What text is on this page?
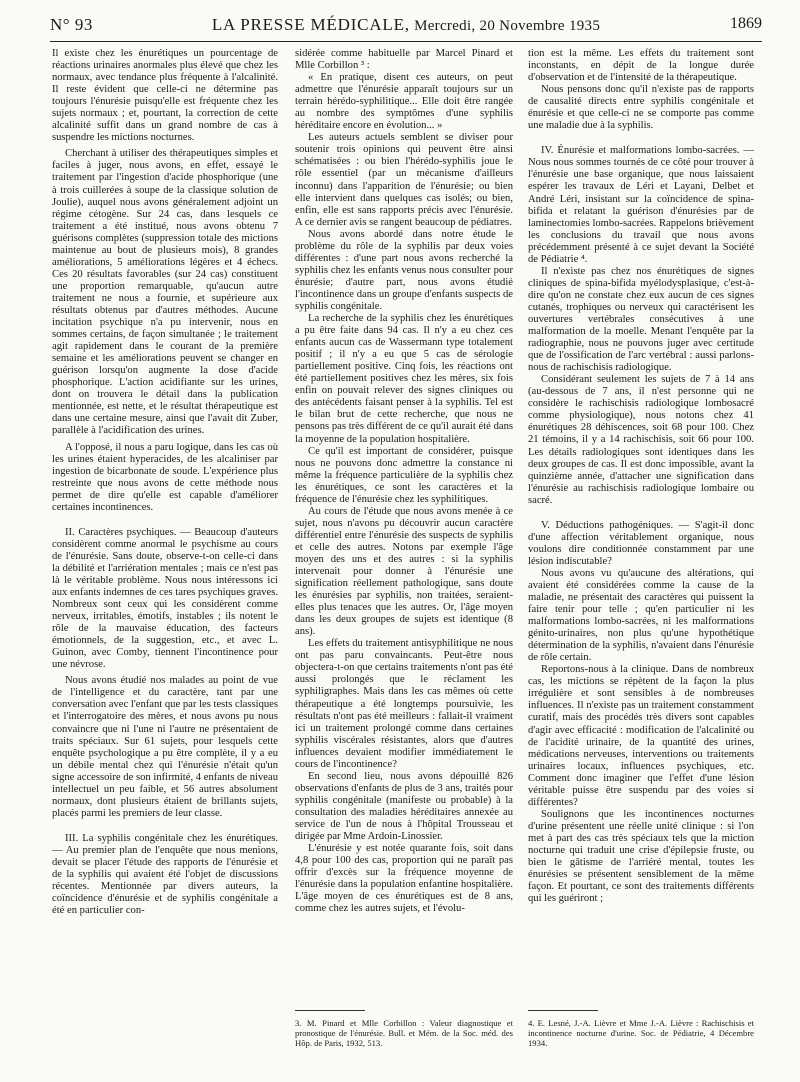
N° 93	LA PRESSE MÉDICALE, Mercredi, 20 Novembre 1935	1869

Il existe chez les énurétiques un pourcentage de réactions urinaires anormales plus élevé que chez les normaux, avec tendance plus fréquente à l'alcalinité. Il reste évident que celle-ci ne détermine pas toujours l'énurésie puisqu'elle est fréquente chez les sujets normaux ; et, pourtant, la correction de cette alcalinité suffit dans un grand nombre de cas à suspendre les mictions nocturnes.

Cherchant à utiliser des thérapeutiques simples et faciles à juger, nous avons, en effet, essayé le traitement par l'ingestion d'acide phosphorique (une à trois cuillerées à soupe de la classique solution de Joulie), auquel nous avons généralement adjoint un régime cétogène. Sur 24 cas, dans lesquels ce traitement a été institué, nous avons obtenu 7 guérisons complètes (suppression totale des mictions maintenue au bout de plusieurs mois), 8 grandes améliorations, 5 améliorations légères et 4 échecs. Ces 20 résultats favorables (sur 24 cas) constituent une proportion remarquable, qu'aucun autre traitement ne nous a fournie, et supérieure aux résultats obtenus par d'autres méthodes. Aucune incitation psychique n'a pu intervenir, nous en sommes certains, de façon simultanée ; le traitement agit rapidement dans le courant de la première semaine et les améliorations peuvent se changer en guérison lorsqu'on augmente la dose d'acide phosphorique. L'action acidifiante sur les urines, dont on trouvera le détail dans la publication mentionnée, est nette, et le résultat thérapeutique est dans une certaine mesure, ainsi que l'avait dit Zuber, parallèle à l'acidification des urines.

A l'opposé, il nous a paru logique, dans les cas où les urines étaient hyperacides, de les alcaliniser par ingestion de bicarbonate de soude. L'expérience plus restreinte que nous avons de cette méthode nous permet de dire qu'elle est capable d'améliorer certaines incontinences.

II. Caractères psychiques. — Beaucoup d'auteurs considèrent comme anormal le psychisme au cours de l'énurésie. Sans doute, observe-t-on celle-ci dans la débilité et l'arriération mentales ; mais ce n'est pas là le véritable problème. Nous nous intéressons ici aux enfants indemnes de ces tares psychiques graves. Nombreux sont ceux qui les considèrent comme nerveux, irritables, émotifs, instables ; ils notent le rôle de la mauvaise éducation, des facteurs émotionnels, de la suggestion, etc., et avec L. Guinon, avec Comby, tiennent l'incontinence pour une névrose.

Nous avons étudié nos malades au point de vue de l'intelligence et du caractère, tant par une conversation avec l'enfant que par les tests classiques et l'interrogatoire des mères, et nous avons pu nous convaincre que ni l'une ni l'autre ne présentaient de traits spéciaux. Sur 61 sujets, pour lesquels cette enquête psychologique a pu être complète, il y a eu un débile mental chez qui l'énurésie n'était qu'un signe accessoire de son infirmité, 4 enfants de niveau intellectuel un peu faible, et 56 autres absolument normaux, dont plusieurs étaient de brillants sujets, placés parmi les premiers de leur classe.

III. La syphilis congénitale chez les énurétiques. — Au premier plan de l'enquête que nous menions, devait se placer l'étude des rapports de l'énurésie et de la syphilis qui avaient été l'objet de discussions récentes. Mentionnée par divers auteurs, la coïncidence d'énurésie et de syphilis congénitale a été en particulier con-

sidérée comme habituelle par Marcel Pinard et Mlle Corbillon ³ :

« En pratique, disent ces auteurs, on peut admettre que l'énurésie apparaît toujours sur un terrain hérédo-syphilitique... Elle doit être rangée au nombre des symptômes d'une syphilis héréditaire encore en évolution... »

Les auteurs actuels semblent se diviser pour soutenir trois opinions qui peuvent être ainsi schématisées : ou bien l'hérédo-syphilis joue le rôle essentiel (par un mécanisme d'ailleurs inconnu) dans l'apparition de l'énurésie; ou bien elle intervient dans quelques cas isolés; ou bien, enfin, elle est sans rapports précis avec l'énurésie. A ce dernier avis se rangent beaucoup de pédiatres.

Nous avons abordé dans notre étude le problème du rôle de la syphilis par deux voies différentes : d'une part nous avons recherché la syphilis chez les enfants venus nous consulter pour énurésie; d'autre part, nous avons étudié l'incontinence dans un groupe d'enfants suspects de syphilis congénitale.

La recherche de la syphilis chez les énurétiques a pu être faite dans 94 cas. Il n'y a eu chez ces enfants aucun cas de Wassermann type totalement positif ; il n'y a eu que 5 cas de sérologie partiellement positive. Cinq fois, les réactions ont été partiellement positives chez les mères, six fois enfin on pouvait relever des signes cliniques ou des antécédents faisant penser à la syphilis. Tel est le bilan brut de cette recherche, que nous ne pensons pas très différent de ce qu'il aurait été dans la moyenne de la population hospitalière.

Ce qu'il est important de considérer, puisque nous ne pouvons donc admettre la constance ni même la fréquence particulière de la syphilis chez les énurétiques, ce sont les caractères et la fréquence de l'énurésie chez les syphilitiques.

Au cours de l'étude que nous avons menée à ce sujet, nous n'avons pu découvrir aucun caractère différentiel entre l'énurésie des suspects de syphilis et celle des autres. Notons par exemple l'âge moyen des uns et des autres : si la syphilis intervenait pour donner à l'énurésie une signification réellement pathologique, sans doute les énurésies par syphilis, non traitées, seraient-elles plus tenaces que les autres. Or, l'âge moyen dans les deux groupes de sujets est identique (8 ans).

Les effets du traitement antisyphilitique ne nous ont pas paru convaincants. Peut-être nous objectera-t-on que certains traitements n'ont pas été aussi prolongés que le réclament les syphiligraphes. Mais dans les cas mêmes où cette thérapeutique a été longtemps poursuivie, les résultats n'ont pas été meilleurs : fallait-il vraiment ici un traitement prolongé comme dans certaines syphilis viscérales résistantes, alors que d'autres influences devaient modifier immédiatement le cours de l'incontinence?

En second lieu, nous avons dépouillé 826 observations d'enfants de plus de 3 ans, traités pour syphilis congénitale (manifeste ou probable) à la consultation des maladies héréditaires annexée au service de l'un de nous à l'hôpital Trousseau et dirigée par Mme Ardoin-Linossier.

L'énurésie y est notée quarante fois, soit dans 4,8 pour 100 des cas, proportion qui ne paraît pas offrir d'excès sur la fréquence moyenne de l'énurésie dans la population enfantine hospitalière. L'âge moyen de ces énurétiques est de 8 ans, comme chez les autres sujets, et l'évolu-

tion est la même. Les effets du traitement sont inconstants, en dépit de la longue durée d'observation et de l'intensité de la thérapeutique.

Nous pensons donc qu'il n'existe pas de rapports de causalité directs entre syphilis congénitale et énurésie et que celle-ci ne se comporte pas comme une maladie due à la syphilis.

IV. Énurésie et malformations lombo-sacrées. — Nous nous sommes tournés de ce côté pour trouver à l'énurésie une base organique, que nous laissaient espérer les travaux de Léri et Layani, Delbet et André Léri, insistant sur la coïncidence de spina-bifida et relatant la guérison d'énurésies par de laminectomies lombo-sacrées. Rappelons brièvement les conclusions du travail que nous avons précédemment présenté à ce sujet devant la Société de Pédiatrie ⁴.

Il n'existe pas chez nos énurétiques de signes cliniques de spina-bifida myélodysplasique, c'est-à-dire qu'on ne constate chez eux aucun de ces signes cutanés, trophiques ou nerveux qui caractérisent les ouvertures vertébrales consécutives à une malformation de la moelle. Menant l'enquête par la radiographie, nous ne pouvons juger avec certitude que de l'ossification de l'arc vertébral : aussi parlons-nous de rachischisis radiologique.

Considérant seulement les sujets de 7 à 14 ans (au-dessous de 7 ans, il n'est personne qui ne considère le rachischisis radiologique lombosacré comme physiologique), nous notons chez 41 énurétiques 28 déhiscences, soit 68 pour 100. Chez 21 témoins, il y a 14 rachischisis, soit 66 pour 100. Les détails radiologiques sont identiques dans les deux groupes de cas. Il est donc impossible, avant la quinzième année, d'attacher une signification dans l'énurésie au rachischisis radiologique lombaire ou sacré.

V. Déductions pathogéniques. — S'agit-il donc d'une affection véritablement organique, nous voulons dire conditionnée constamment par une lésion indiscutable?

Nous avons vu qu'aucune des altérations, qui avaient été considérées comme la cause de la maladie, ne présentait des caractères qui puissent la faire tenir pour telle ; qu'en particulier ni les malformations lombo-sacrées, ni les malformations génito-urinaires, non plus qu'une hypothétique détermination de la syphilis, n'avaient dans l'énurésie de rôle certain.

Reportons-nous à la clinique. Dans de nombreux cas, les mictions se répètent de la façon la plus irrégulière et sont sensibles à de nombreuses influences. Il n'existe pas un traitement constamment curatif, mais des procédés très divers sont capables d'agir avec efficacité : modification de l'alcalinité ou de l'acidité urinaire, de la quantité des urines, médications nerveuses, interventions ou traitements urinaires locaux, influences psychiques, etc. Comment donc imaginer que l'effet d'une lésion véritable puisse être suspendu par des voies si différentes?

Soulignons que les incontinences nocturnes d'urine présentent une réelle unité clinique : si l'on met à part des cas très spéciaux tels que la miction nocturne qui traduit une crise d'épilepsie fruste, ou bien le gâtisme de l'arriéré mental, toutes les énurésies se présentent sensiblement de la même façon. Et pourtant, ce sont des traitements différents qui les guériront ;

3. M. Pinard et Mlle Corbillon : Valeur diagnostique et pronostique de l'énurésie. Bull. et Mém. de la Soc. méd. des Hôp. de Paris, 1932, 513.
4. E. Lesné, J.-A. Lièvre et Mme J.-A. Lièvre : Rachischisis et incontinence nocturne d'urine. Soc. de Pédiatrie, 4 Décembre 1934.
